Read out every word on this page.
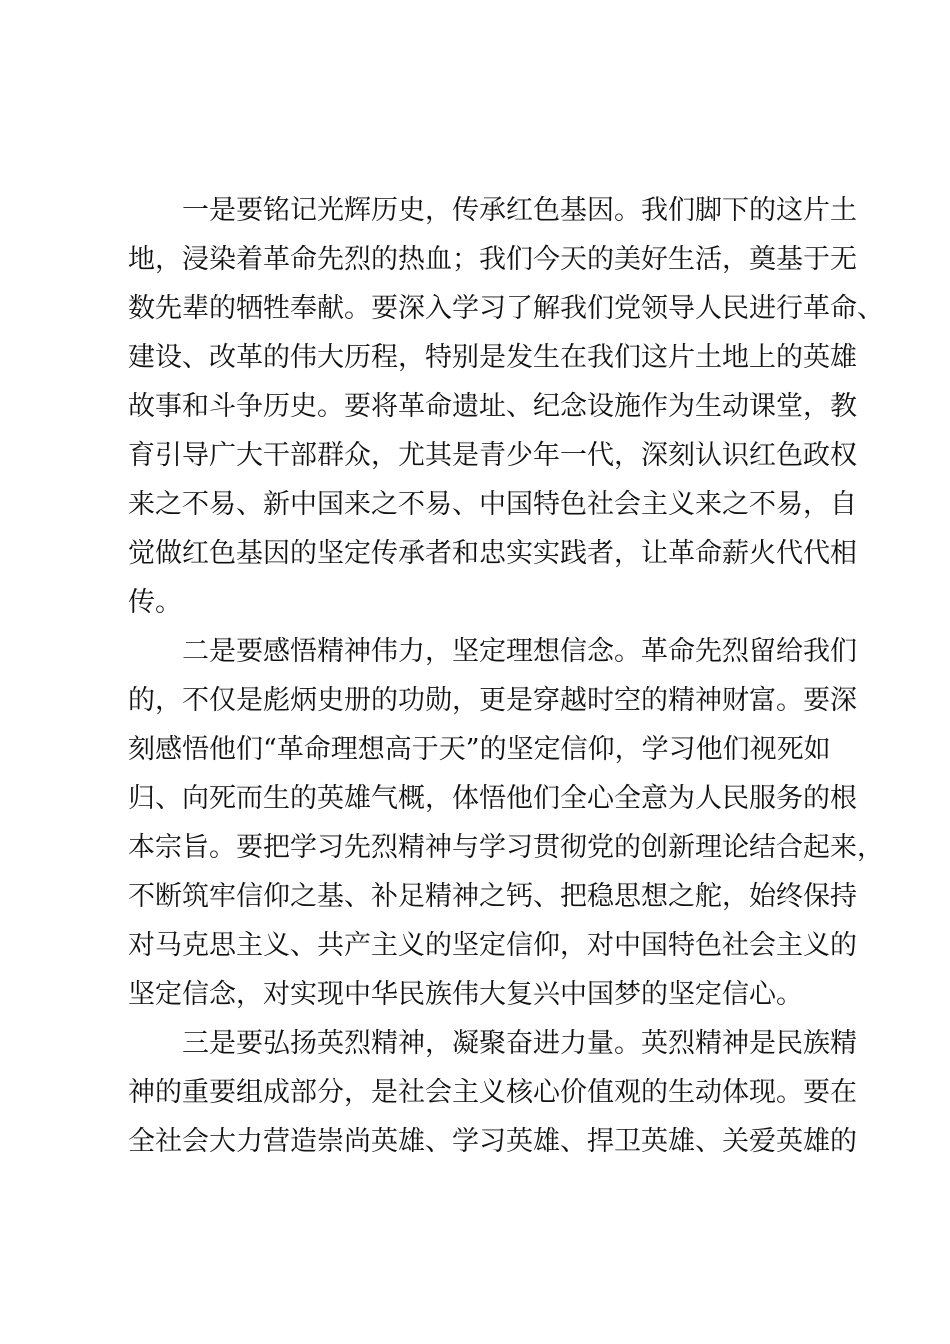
一是要铭记光辉历史，传承红色基因。我们脚下的这片土
地，浸染着革命先烈的热血；我们今天的美好生活，奠基于无
数先辈的牺牲奉献。要深入学习了解我们党领导人民进行革命、
建设、改革的伟大历程，特别是发生在我们这片土地上的英雄
故事和斗争历史。要将革命遗址、纪念设施作为生动课堂，教
育引导广大干部群众，尤其是青少年一代，深刻认识红色政权
来之不易、新中国来之不易、中国特色社会主义来之不易，自
觉做红色基因的坚定传承者和忠实实践者，让革命薪火代代相
传。
二是要感悟精神伟力，坚定理想信念。革命先烈留给我们
的，不仅是彪炳史册的功勋，更是穿越时空的精神财富。要深
刻感悟他们“革命理想高于天”的坚定信仰，学习他们视死如
归、向死而生的英雄气概，体悟他们全心全意为人民服务的根
本宗旨。要把学习先烈精神与学习贯彻党的创新理论结合起来，
不断筑牢信仰之基、补足精神之钙、把稳思想之舵，始终保持
对马克思主义、共产主义的坚定信仰，对中国特色社会主义的
坚定信念，对实现中华民族伟大复兴中国梦的坚定信心。
三是要弘扬英烈精神，凝聚奋进力量。英烈精神是民族精
神的重要组成部分，是社会主义核心价值观的生动体现。要在
全社会大力营造崇尚英雄、学习英雄、捍卫英雄、关爱英雄的
